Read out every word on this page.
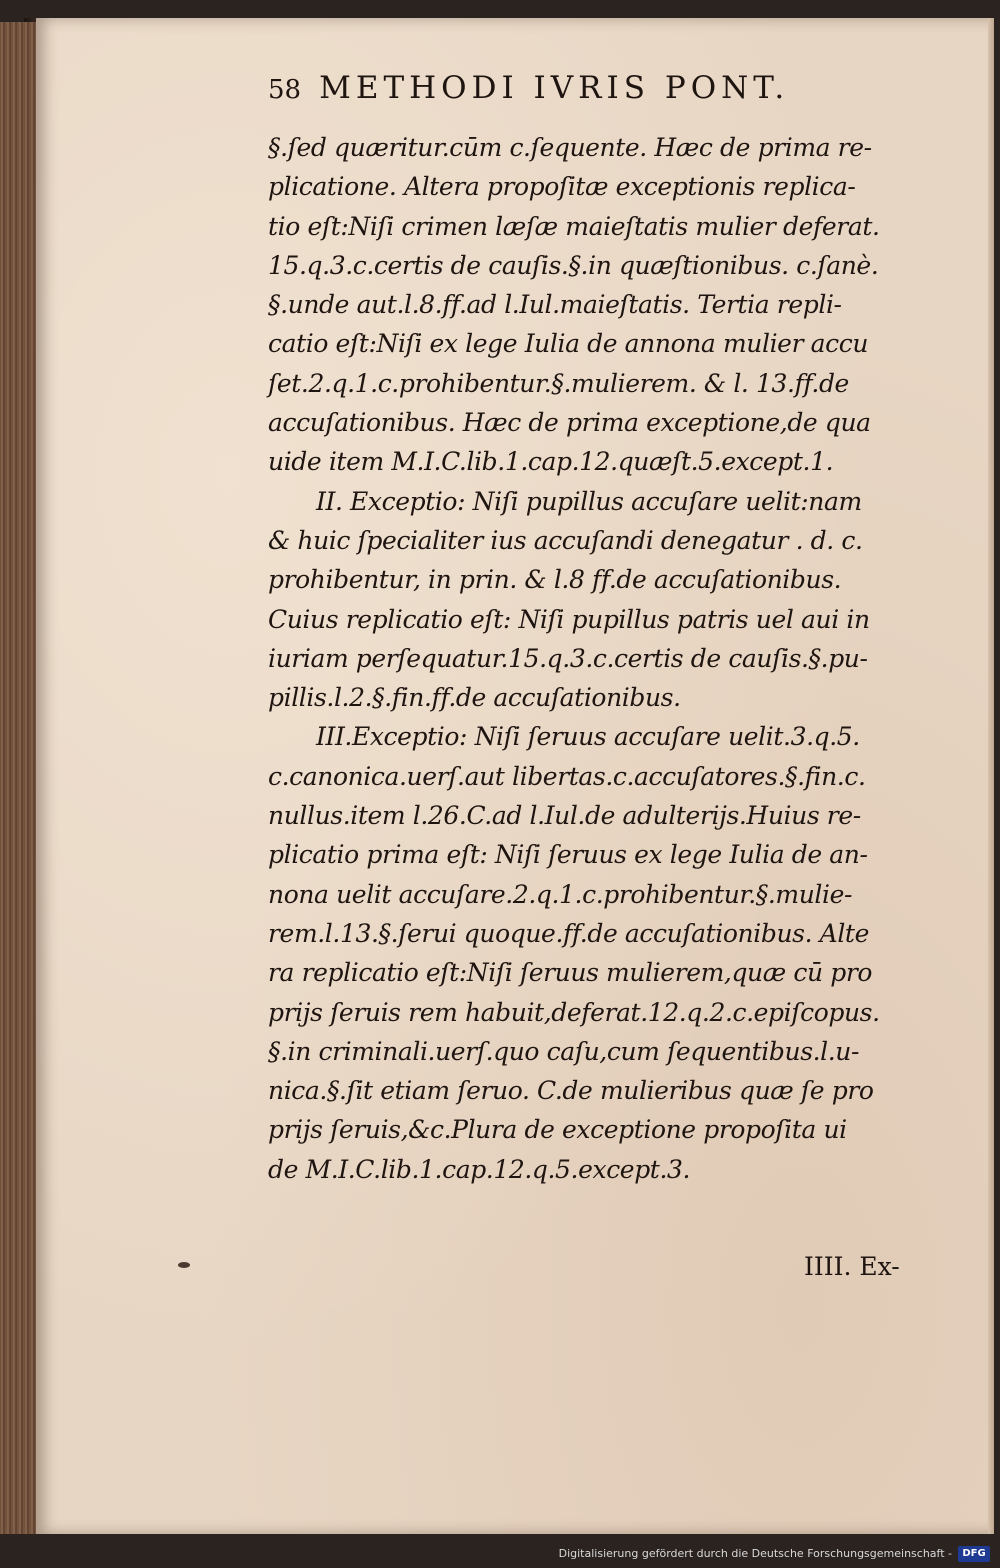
58 METHODI IVRIS PONT.
§.ſed quæritur.cūm c.ſequente. Hæc de prima re-
plicatione. Altera propoſitæ exceptionis replica-
tio eſt:Niſi crimen læſæ maieſtatis mulier deferat.
15.q.3.c.certis de cauſis.§.in quæſtionibus. c.ſanè.
§.unde aut.l.8.ff.ad l.Iul.maieſtatis. Tertia repli-
catio eſt:Niſi ex lege Iulia de annona mulier accu
ſet.2.q.1.c.prohibentur.§.mulierem. & l. 13.ff.de
accuſationibus. Hæc de prima exceptione,de qua
uide item M.I.C.lib.1.cap.12.quæſt.5.except.1.
II. Exceptio: Niſi pupillus accuſare uelit:nam
& huic ſpecialiter ius accuſandi denegatur . d. c.
prohibentur, in prin. & l.8 ff.de accuſationibus.
Cuius replicatio eſt: Niſi pupillus patris uel aui in
iuriam perſequatur.15.q.3.c.certis de cauſis.§.pu-
pillis.l.2.§.fin.ff.de accuſationibus.
III.Exceptio: Niſi ſeruus accuſare uelit.3.q.5.
c.canonica.uerſ.aut libertas.c.accuſatores.§.fin.c.
nullus.item l.26.C.ad l.Iul.de adulterijs.Huius re-
plicatio prima eſt: Niſi ſeruus ex lege Iulia de an-
nona uelit accuſare.2.q.1.c.prohibentur.§.mulie-
rem.l.13.§.ſerui quoque.ff.de accuſationibus. Alte
ra replicatio eſt:Niſi ſeruus mulierem,quæ cū pro
prijs ſeruis rem habuit,deferat.12.q.2.c.epiſcopus.
§.in criminali.uerſ.quo caſu,cum ſequentibus.l.u-
nica.§.ſit etiam ſeruo. C.de mulieribus quæ ſe pro
prijs ſeruis,&c.Plura de exceptione propoſita ui
de M.I.C.lib.1.cap.12.q.5.except.3.
IIII. Ex-
Digitalisierung gefördert durch die Deutsche Forschungsgemeinschaft -	DFG
